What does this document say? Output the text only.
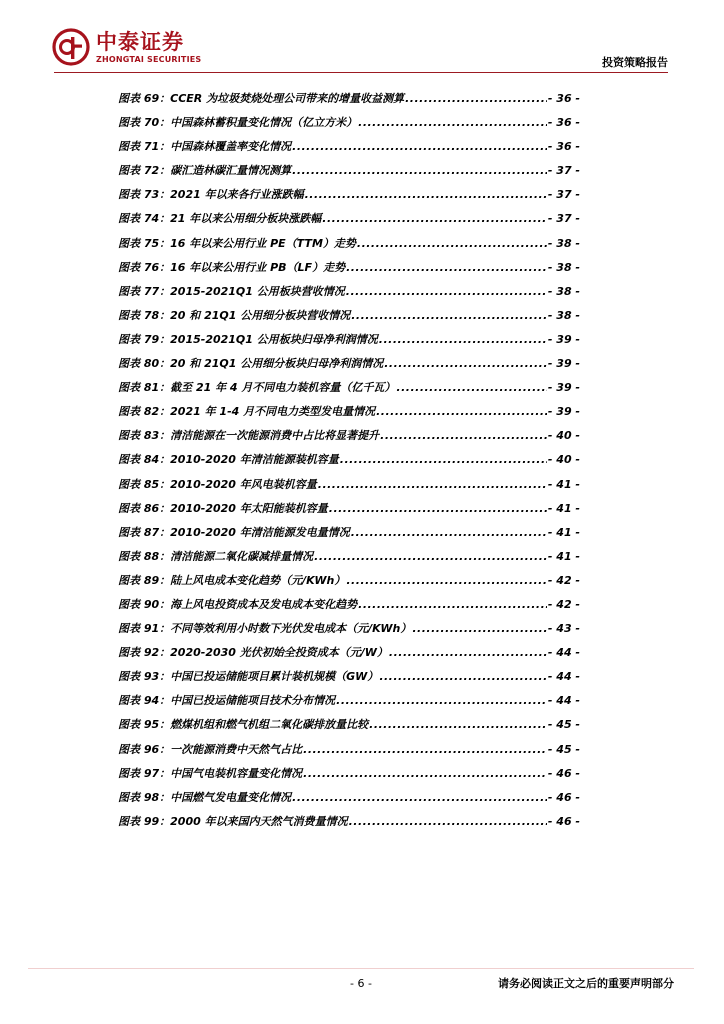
中泰证券
ZHONGTAI SECURITIES	投资策略报告
图表 69：CCER 为垃圾焚烧处理公司带来的增量收益测算 .....	- 36 -
图表 70：中国森林蓄积量变化情况（亿立方米） .....	- 36 -
图表 71：中国森林覆盖率变化情况 .....	- 36 -
图表 72：碳汇造林碳汇量情况测算 .....	- 37 -
图表 73：2021 年以来各行业涨跌幅 .....	- 37 -
图表 74：21 年以来公用细分板块涨跌幅 .....	- 37 -
图表 75：16 年以来公用行业 PE（TTM）走势 .....	- 38 -
图表 76：16 年以来公用行业 PB（LF）走势 .....	- 38 -
图表 77：2015-2021Q1 公用板块营收情况 .....	- 38 -
图表 78：20 和 21Q1 公用细分板块营收情况 .....	- 38 -
图表 79：2015-2021Q1 公用板块归母净利润情况 .....	- 39 -
图表 80：20 和 21Q1 公用细分板块归母净利润情况 .....	- 39 -
图表 81：截至 21 年 4 月不同电力装机容量（亿千瓦） .....	- 39 -
图表 82：2021 年 1-4 月不同电力类型发电量情况 .....	- 39 -
图表 83：清洁能源在一次能源消费中占比将显著提升 .....	- 40 -
图表 84：2010-2020 年清洁能源装机容量 .....	- 40 -
图表 85：2010-2020 年风电装机容量 .....	- 41 -
图表 86：2010-2020 年太阳能装机容量 .....	- 41 -
图表 87：2010-2020 年清洁能源发电量情况 .....	- 41 -
图表 88：清洁能源二氧化碳减排量情况 .....	- 41 -
图表 89：陆上风电成本变化趋势（元/KWh） .....	- 42 -
图表 90：海上风电投资成本及发电成本变化趋势 .....	- 42 -
图表 91：不同等效利用小时数下光伏发电成本（元/KWh） .....	- 43 -
图表 92：2020-2030 光伏初始全投资成本（元/W） .....	- 44 -
图表 93：中国已投运储能项目累计装机规模（GW） .....	- 44 -
图表 94：中国已投运储能项目技术分布情况 .....	- 44 -
图表 95：燃煤机组和燃气机组二氧化碳排放量比较 .....	- 45 -
图表 96：一次能源消费中天然气占比 .....	- 45 -
图表 97：中国气电装机容量变化情况 .....	- 46 -
图表 98：中国燃气发电量变化情况 .....	- 46 -
图表 99：2000 年以来国内天然气消费量情况 .....	- 46 -
- 6 -	请务必阅读正文之后的重要声明部分
